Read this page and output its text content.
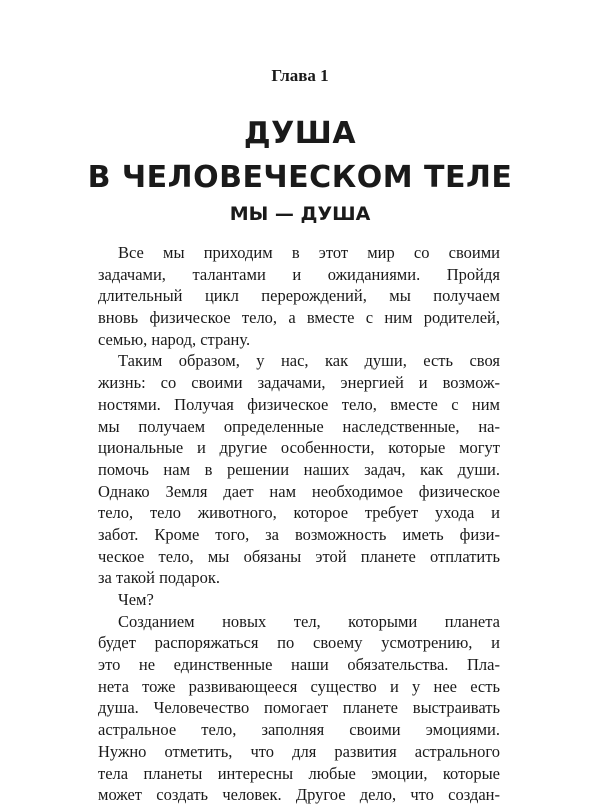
Глава 1
ДУША
В ЧЕЛОВЕЧЕСКОМ ТЕЛЕ
МЫ — ДУША
Все мы приходим в этот мир со своими
задачами, талантами и ожиданиями. Пройдя
длительный цикл перерождений, мы получаем
вновь физическое тело, а вместе с ним родителей,
семью, народ, страну.
Таким образом, у нас, как души, есть своя
жизнь: со своими задачами, энергией и возмож-
ностями. Получая физическое тело, вместе с ним
мы получаем определенные наследственные, на-
циональные и другие особенности, которые могут
помочь нам в решении наших задач, как души.
Однако Земля дает нам необходимое физическое
тело, тело животного, которое требует ухода и
забот. Кроме того, за возможность иметь физи-
ческое тело, мы обязаны этой планете отплатить
за такой подарок.
Чем?
Созданием новых тел, которыми планета
будет распоряжаться по своему усмотрению, и
это не единственные наши обязательства. Пла-
нета тоже развивающееся существо и у нее есть
душа. Человечество помогает планете выстраивать
астральное тело, заполняя своими эмоциями.
Нужно отметить, что для развития астрального
тела планеты интересны любые эмоции, которые
может создать человек. Другое дело, что создан-
